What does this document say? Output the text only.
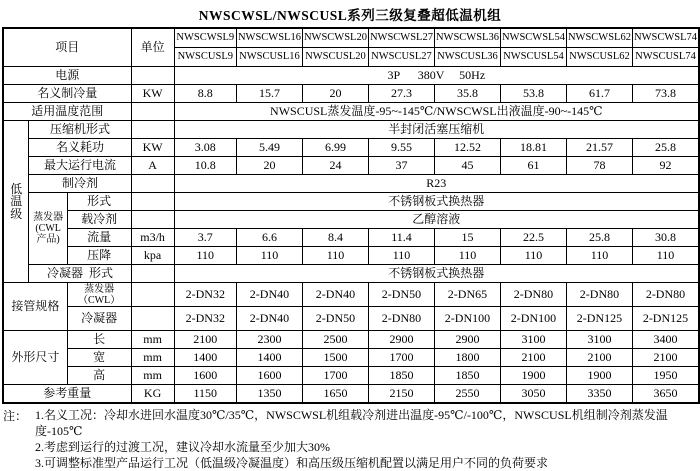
NWSCWSL/NWSCUSL系列三级复叠超低温机组
项目			单位	NWSCWSL9	NWSCWSL16	NWSCWSL20	NWSCWSL27	NWSCWSL36	NWSCWSL54	NWSCWSL62	NWSCWSL74
				NWSCUSL9	NWSCUSL16	NWSCUSL20	NWSCUSL27	NWSCUSL36	NWSCUSL54	NWSCUSL62	NWSCUSL74
电源				3P      380V     50Hz							
名义制冷量			KW	8.8	15.7	20	27.3	35.8	53.8	61.7	73.8
适用温度范围				NWSCUSL蒸发温度-95~-145℃/NWSCWSL出液温度-90~-145℃							
低温级	压缩机形式			半封闭活塞压缩机							
	名义耗功		KW	3.08	5.49	6.99	9.55	12.52	18.81	21.57	25.8
	最大运行电流		A	10.8	20	24	37	45	61	78	92
	制冷剂			R23							
	蒸发器(CWL产品)	形式		不锈钢板式换热器							
		载冷剂		乙醇溶液							
		流量	m3/h	3.7	6.6	8.4	11.4	15	22.5	25.8	30.8
		压降	kpa	110	110	110	110	110	110	110	110
	冷凝器  形式			不锈钢板式换热器							
接管规格		蒸发器（CWL）		2-DN32	2-DN40	2-DN40	2-DN50	2-DN65	2-DN80	2-DN80	2-DN80
		冷凝器		2-DN32	2-DN40	2-DN50	2-DN80	2-DN100	2-DN100	2-DN125	2-DN125
外形尺寸		长	mm	2100	2300	2500	2900	2900	3100	3100	3400
		宽	mm	1400	1400	1500	1700	1800	2100	2100	2100
		高	mm	1600	1600	1700	1850	1850	1900	1900	1950
参考重量			KG	1150	1350	1650	2150	2550	3050	3350	3650
注： 1.名义工况：冷却水进回水温度30℃/35℃，NWSCWSL机组载冷剂进出温度-95℃/-100℃，NWSCUSL机组制冷剂蒸发温度-105℃
2.考虑到运行的过渡工况，建议冷却水流量至少加大30%
3.可调整标准型产品运行工况（低温级冷凝温度）和高压级压缩机配置以满足用户不同的负荷要求
